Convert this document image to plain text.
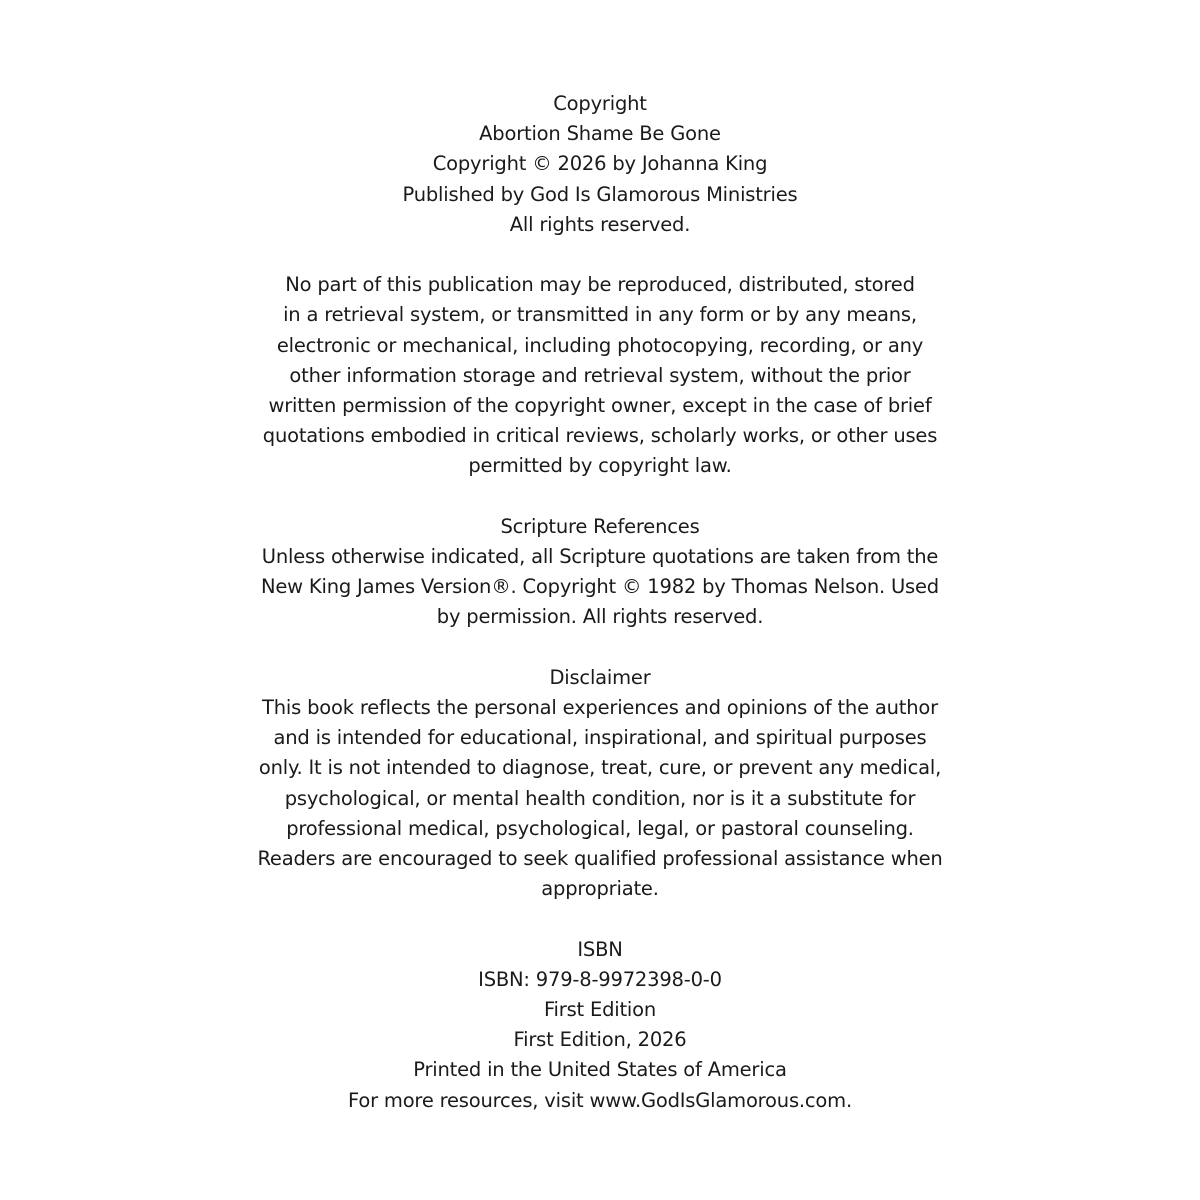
Copyright
Abortion Shame Be Gone
Copyright © 2026 by Johanna King
Published by God Is Glamorous Ministries
All rights reserved.
No part of this publication may be reproduced, distributed, stored
in a retrieval system, or transmitted in any form or by any means,
electronic or mechanical, including photocopying, recording, or any
other information storage and retrieval system, without the prior
written permission of the copyright owner, except in the case of brief
quotations embodied in critical reviews, scholarly works, or other uses
permitted by copyright law.
Scripture References
Unless otherwise indicated, all Scripture quotations are taken from the
New King James Version®. Copyright © 1982 by Thomas Nelson. Used
by permission. All rights reserved.
Disclaimer
This book reflects the personal experiences and opinions of the author
and is intended for educational, inspirational, and spiritual purposes
only. It is not intended to diagnose, treat, cure, or prevent any medical,
psychological, or mental health condition, nor is it a substitute for
professional medical, psychological, legal, or pastoral counseling.
Readers are encouraged to seek qualified professional assistance when
appropriate.
ISBN
ISBN: 979-8-9972398-0-0
First Edition
First Edition, 2026
Printed in the United States of America
For more resources, visit www.GodIsGlamorous.com.
